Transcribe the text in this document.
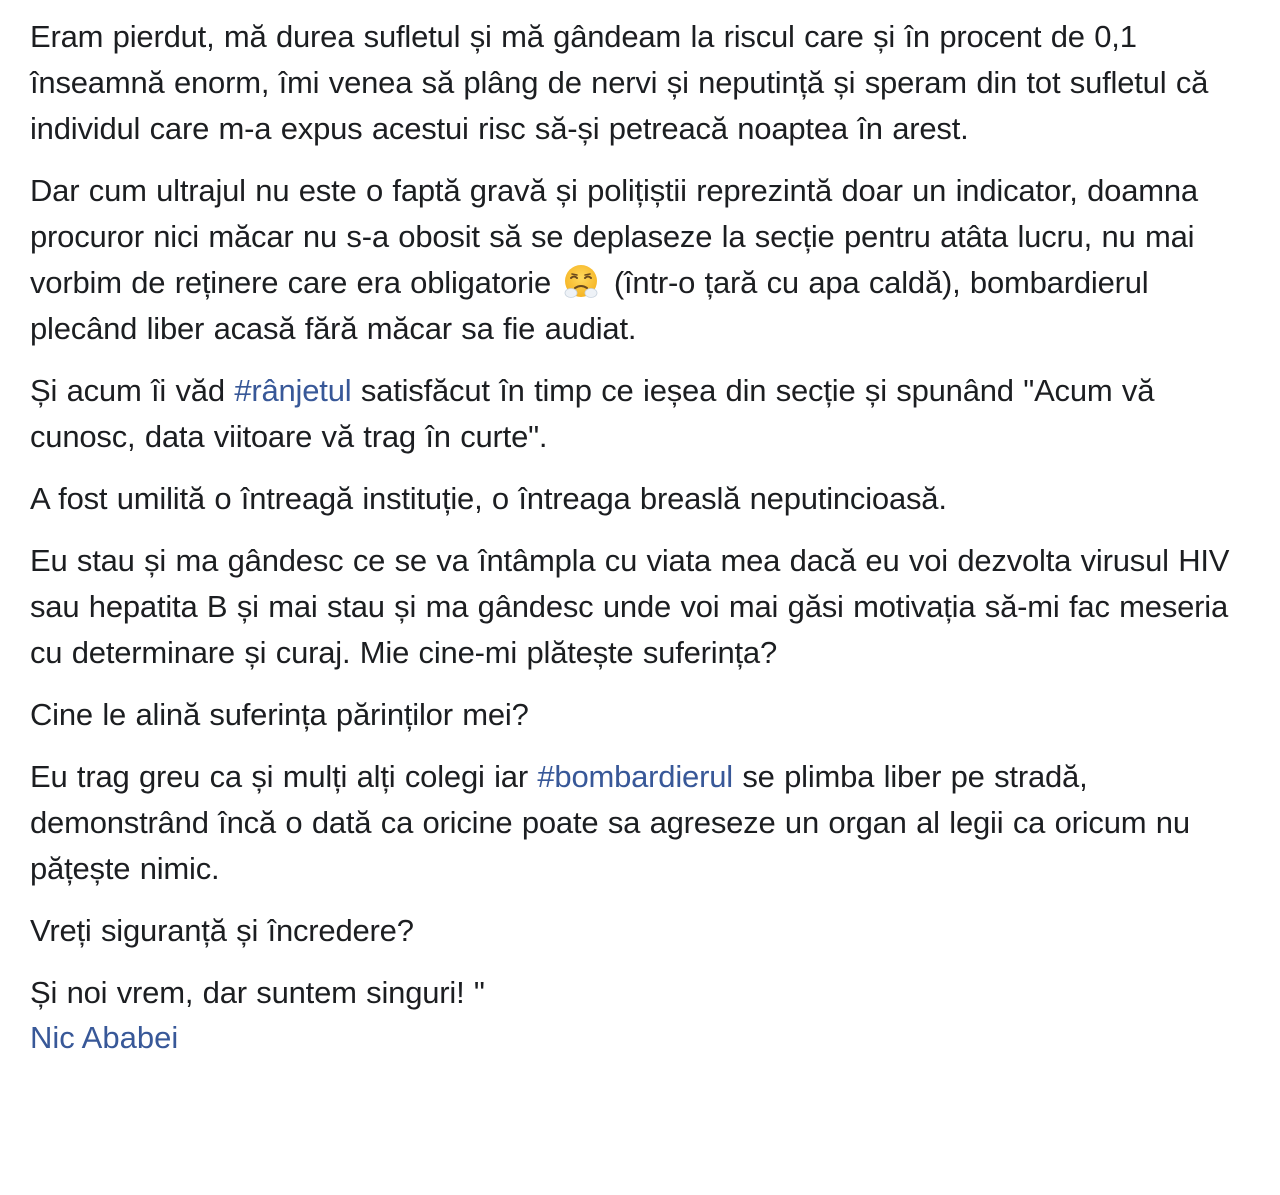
Eram pierdut, mă durea sufletul și mă gândeam la riscul care și în procent de 0,1 înseamnă enorm, îmi venea să plâng de nervi și neputință și speram din tot sufletul că individul care m-a expus acestui risc să-și petreacă noaptea în arest.

Dar cum ultrajul nu este o faptă gravă și polițiștii reprezintă doar un indicator, doamna procuror nici măcar nu s-a obosit să se deplaseze la secție pentru atâta lucru, nu mai vorbim de reținere care era obligatorie  (într-o țară cu apa caldă), bombardierul plecând liber acasă fără măcar sa fie audiat.

Și acum îi văd #rânjetul satisfăcut în timp ce ieșea din secție și spunând "Acum vă cunosc, data viitoare vă trag în curte".

A fost umilită o întreagă instituție, o întreaga breaslă neputincioasă.

Eu stau și ma gândesc ce se va întâmpla cu viata mea dacă eu voi dezvolta virusul HIV sau hepatita B și mai stau și ma gândesc unde voi mai găsi motivația să-mi fac meseria cu determinare și curaj. Mie cine-mi plătește suferința?

Cine le alină suferința părinților mei?

Eu trag greu ca și mulți alți colegi iar #bombardierul se plimba liber pe stradă, demonstrând încă o dată ca oricine poate sa agreseze un organ al legii ca oricum nu pățește nimic.

Vreți siguranță și încredere?

Și noi vrem, dar suntem singuri! "

Nic Ababei
